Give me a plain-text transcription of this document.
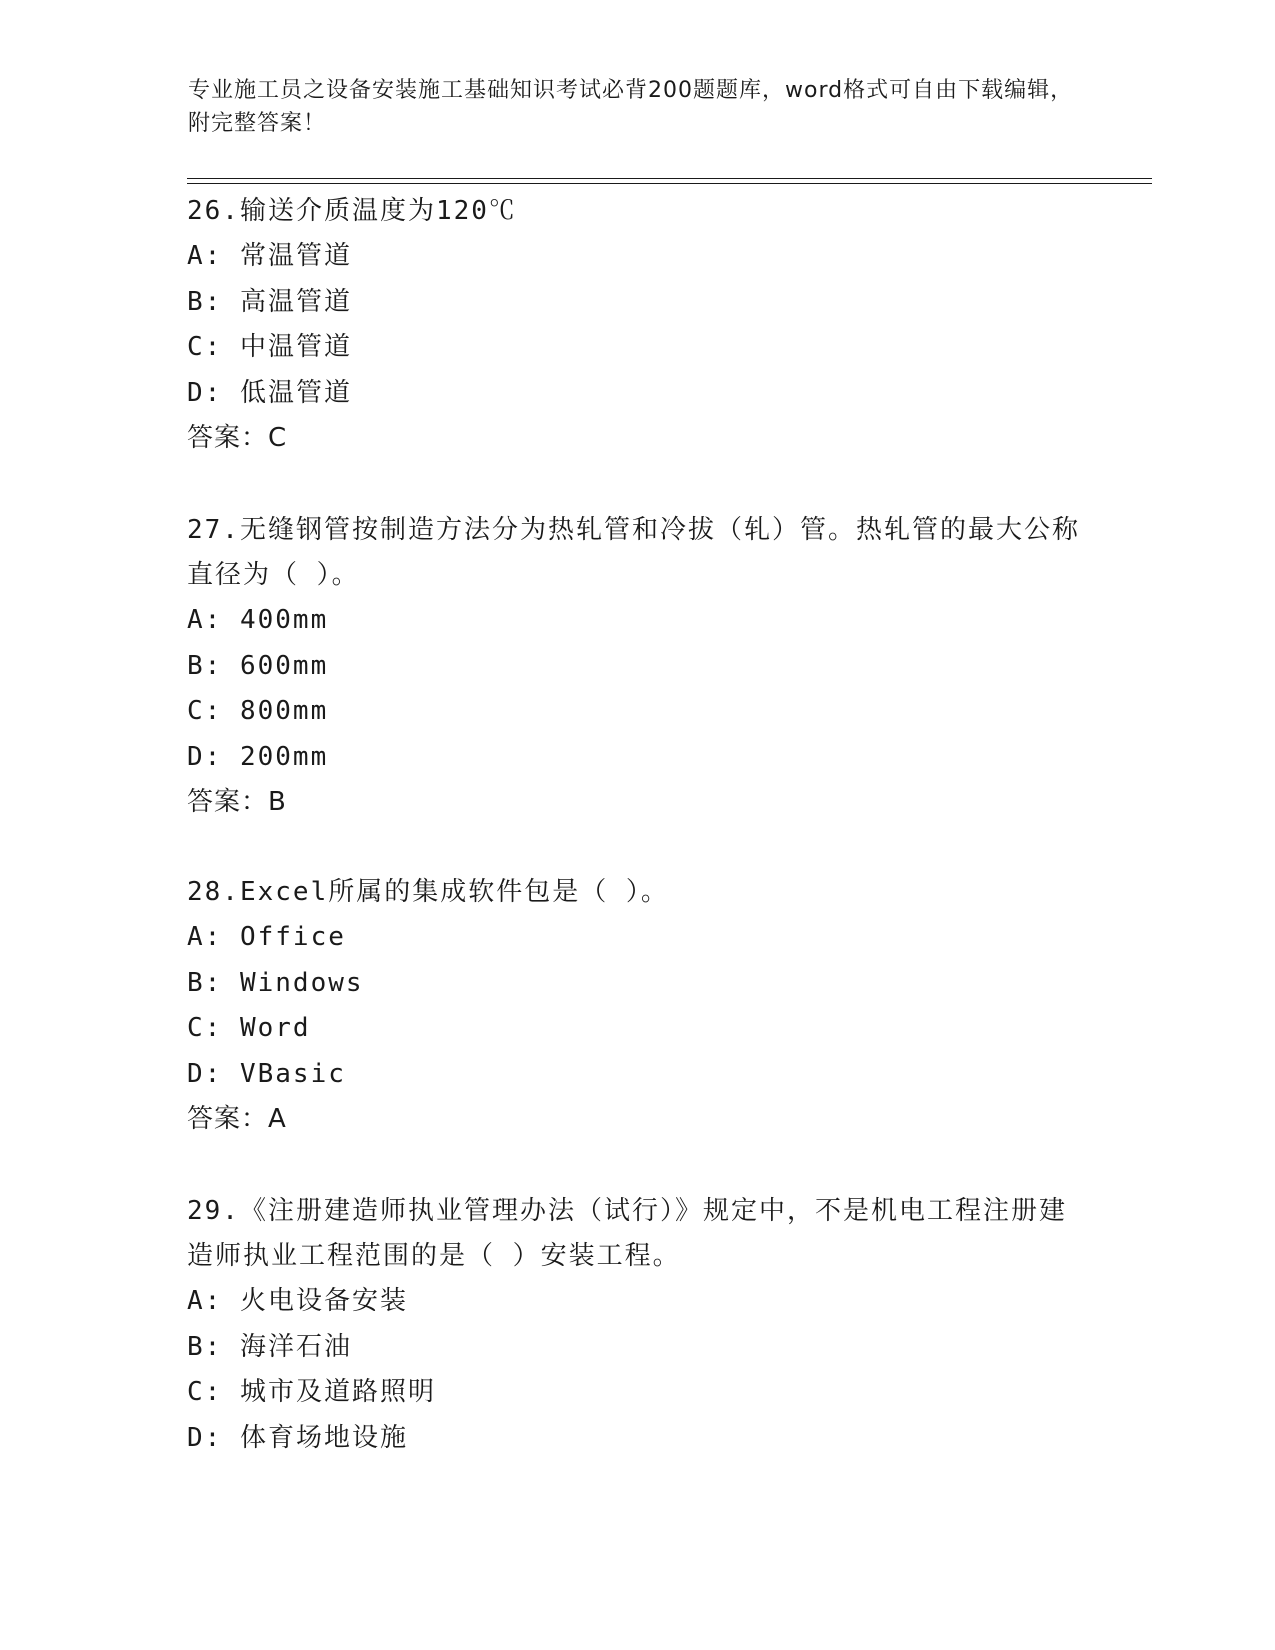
专业施工员之设备安装施工基础知识考试必背200题题库，word格式可自由下载编辑，附完整答案！

26.输送介质温度为120℃

A: 常温管道

B: 高温管道

C: 中温管道

D: 低温管道

答案：C

27.无缝钢管按制造方法分为热轧管和冷拔（轧）管。热轧管的最大公称直径为（ ）。

A: 400mm

B: 600mm

C: 800mm

D: 200mm

答案：B

28.Excel所属的集成软件包是（ ）。

A: Office

B: Windows

C: Word

D: VBasic

答案：A

29.《注册建造师执业管理办法（试行）》规定中，不是机电工程注册建造师执业工程范围的是（ ）安装工程。

A: 火电设备安装

B: 海洋石油

C: 城市及道路照明

D: 体育场地设施
